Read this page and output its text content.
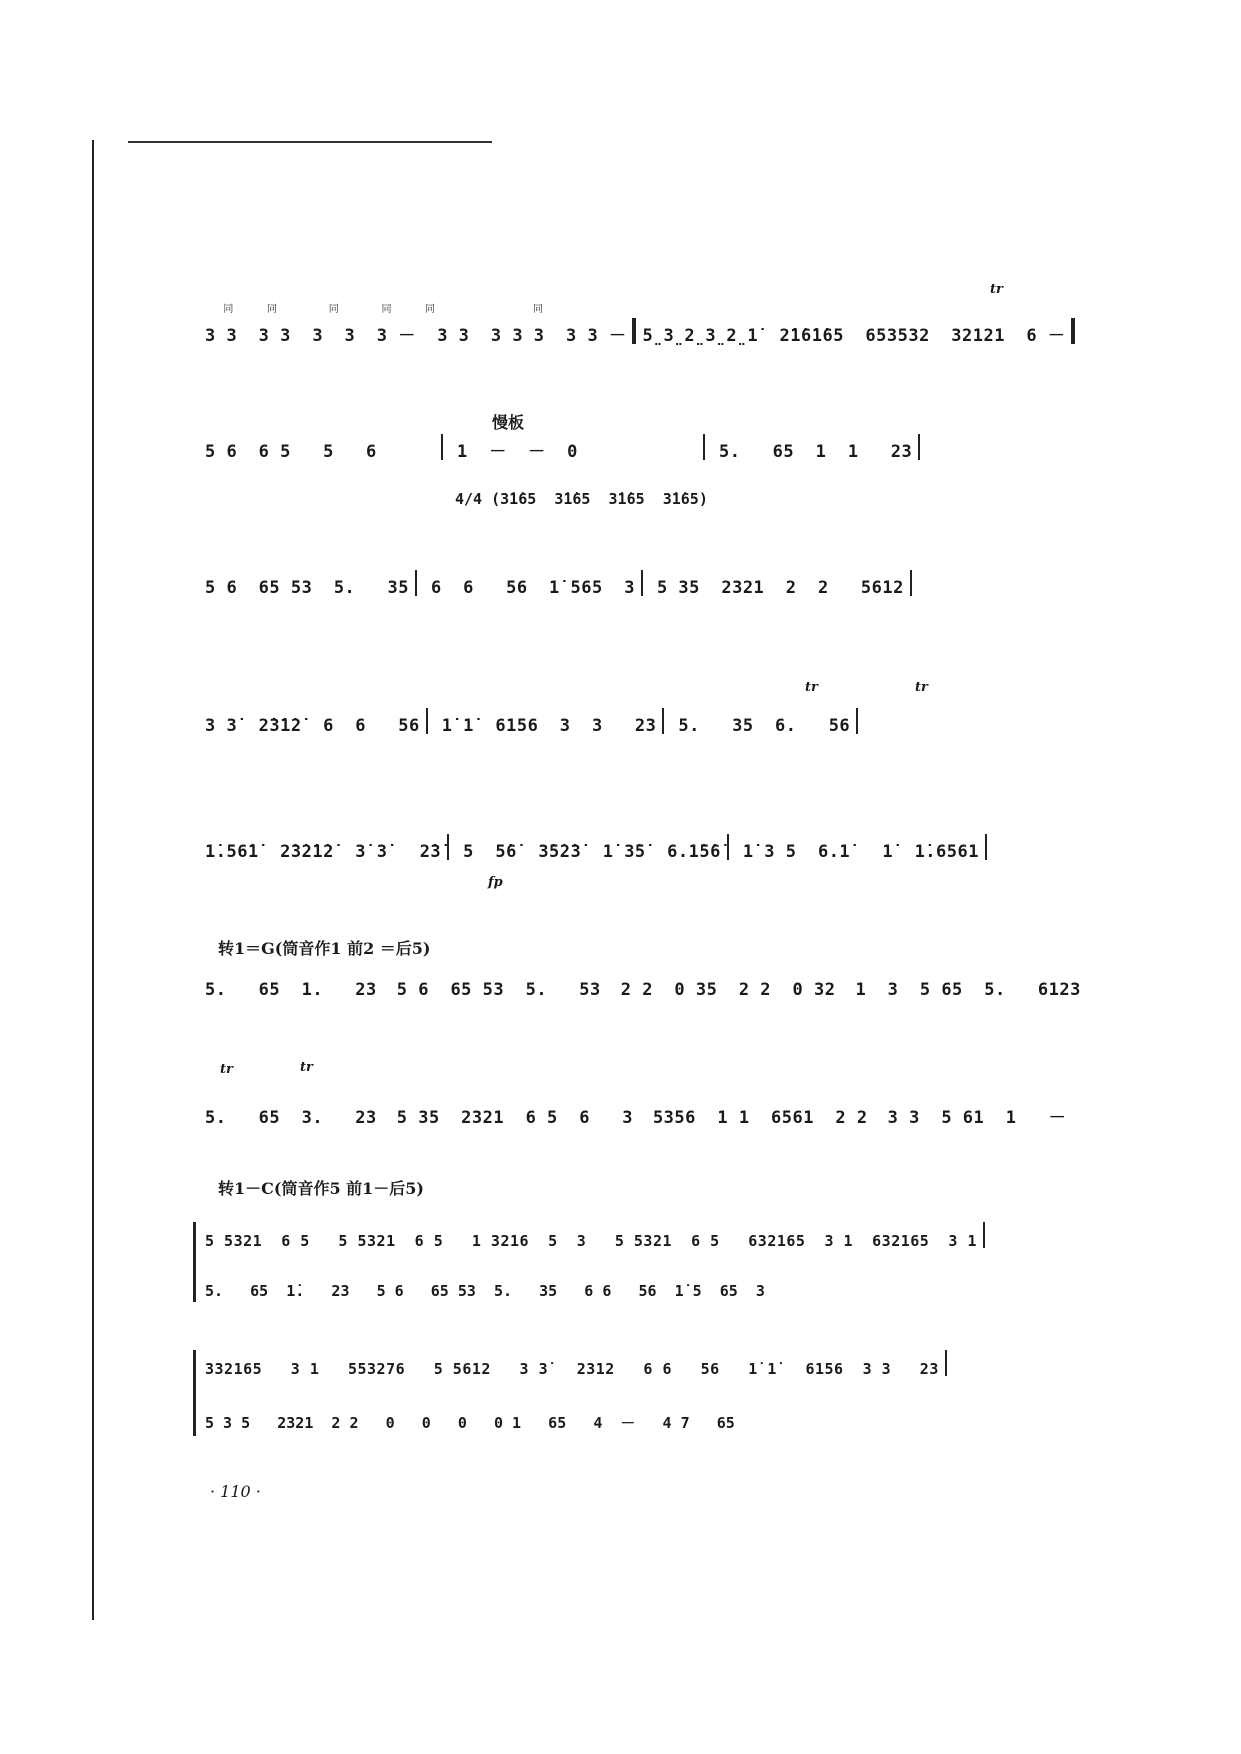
同   同     同    同   同          同
3 3  3 3  3  3  3 －  3 3  3 3 3  3 3 － 5̤3̤2̤3̤2̤1̇  2̇1̇6̇1̇65  653532  32121  6 －
tr
慢板
5 6  6 5   5   6	1  －  －  0	5.   65  1  1   23
4/4 (3̇1̇65  3̇1̇65  3̇1̇65  3̇1̇65)
5 6  65 53  5.   35 6  6   56  1̇ 565  3 5 35  2321  2  2   5612
3 3̇  2̇3̇1̇2̇  6  6   56 1̇ 1̇  6156  3  3   23 5.   35  6.   56
tr	tr
1̇.56̇1̇  2̇3̇2̇1̇2̇  3̇ 3̇   2̇3̇ 5  5̇6̇  3̇5̇2̇3̇  1̇ 3̇5̇  6.1̇5̇6̇ 1̇ 3 5  6.1̇   1̇  1̇.6561
fp
转1＝G(筒音作1 前2 ＝后5)
5.   65  1.   23 5 6  65 53  5.   53 2 2  0 35  2 2  0 32 1  3  5 65  5.   6123
5.   65  3.   23 5 35  2321  6 5  6   3 5356  1 1  6561  2 2 3 3  5 61  1   －
tr	tr
转1－C(筒音作5 前1－后5)
5 5321  6 5   5 5321  6 5   1 3216  5  3   5 5321  6 5   632165  3 1  632165  3 1
5.   65  1̇.   23   5 6   65 53  5.   35   6 6   56  1̇ 5  65  3
332165   3 1   553276   5 5612   3 3̇   2312   6 6   56   1̇ 1̇   6156  3 3   23
5 3 5   2321  2 2   0   0   0   0 1   65   4  －   4 7   65
· 110 ·
